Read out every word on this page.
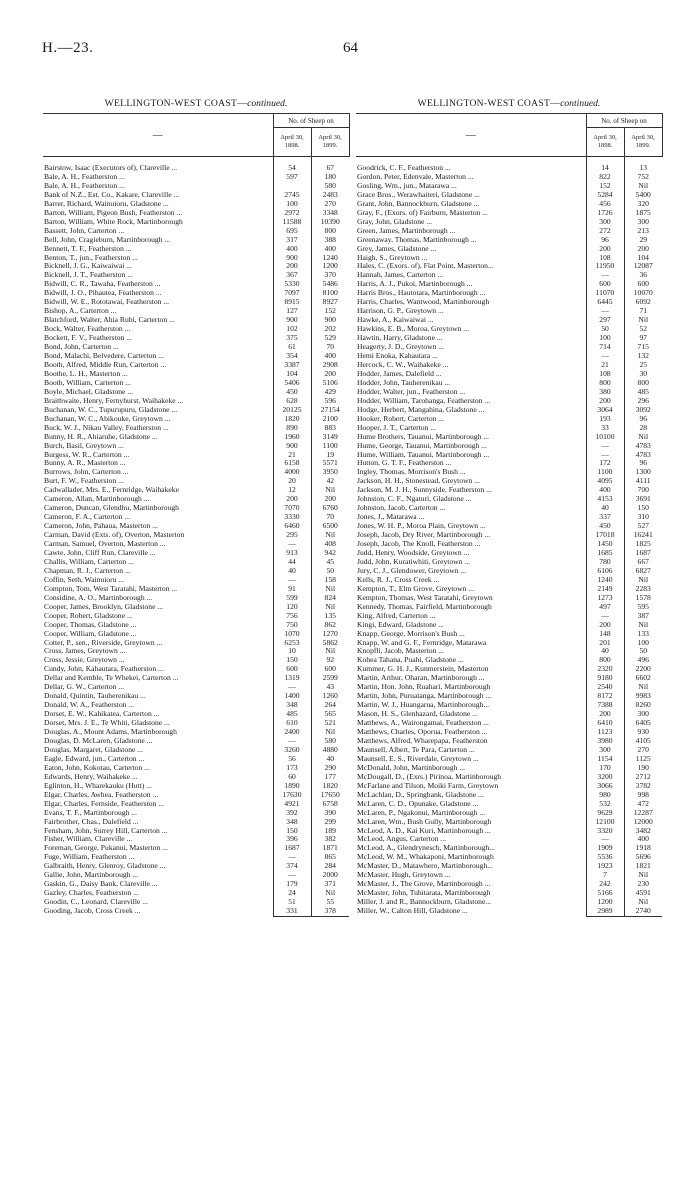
H.—23.	64
WELLINGTON-WEST COAST—continued.
—	No. of Sheep on	
	April 30, 1898.	April 30, 1899.
Bairstow, Isaac (Executors of), Clareville ...	54	67
Bale, A. H., Featherston ...	597	180
Bale, A. H., Featherston ...		580
Bank of N.Z., Est. Co., Kakare, Clareville ...	2745	2483
Barrer, Richard, Wainuioru, Gladstone ...	100	270
Barton, William, Pigeon Bush, Featherston ...	2972	3348
Barton, William, White Rock, Martinborough	11588	10390
Bassett, John, Carterton ...	695	800
Bell, John, Cragieburn, Martinborough ...	317	388
Bennett, T. F., Featherston ...	400	400
Benton, T., jun., Featherston ...	900	1240
Bicknell, J. G., Kaiwaiwai ...	200	1200
Bicknell, J. T., Featherston ...	367	370
Bidwill, C. R., Tawaha, Featherston ...	5330	5486
Bidwill, J. O., Pihautea, Featherston ...	7097	8100
Bidwill, W. E., Rototawai, Featherston ...	8915	8927
Bishop, A., Carterton ...	127	152
Blatchford, Walter, Ahia Rubi, Carterton ...	900	900
Bock, Walter, Featherston ...	102	202
Bockett, F. V., Featherston ...	375	529
Bond, John, Carterton ...	61	70
Bond, Malachi, Belvedere, Carterton ...	354	400
Booth, Alfred, Middle Run, Carterton ...	3387	2908
Boothe, L. H., Masterton ...	104	200
Booth, William, Carterton ...	5406	5106
Boyle, Michael, Gladstone ...	450	429
Braithwaite, Henry, Fernyhurst, Waihakeke ...	628	596
Buchanan, W. C., Tupurupuru, Gladstone ...	20125	27154
Buchanan, W. C., Abikouke, Greytown ...	1820	2100
Buck, W. J., Nikau Valley, Featherston ...	890	883
Bunny, H. R., Ahiaruhe, Gladstone ...	1960	3149
Burch, Basil, Greytown ...	900	1100
Burgess, W. R., Carterton ...	21	19
Bunny, A. R., Masterton ...	6158	5571
Burrows, John, Carterton ...	4000	3950
Burt, F. W., Featherston ...	20	42
Cadwallader, Mrs. E., Fernridge, Waihakeke	12	Nil
Cameron, Allan, Martinborough ...	200	200
Cameron, Duncan, Glendhu, Martinborough	7070	6760
Cameron, F. A., Carterton ...	3330	70
Cameron, John, Pahaua, Masterton ...	6460	6500
Carman, David (Exts. of), Overton, Masterton	295	Nil
Carman, Samuel, Overton, Masterton ...	—	408
Cawte, John, Cliff Run, Clareville ...	913	942
Challis, William, Carterton ...	44	45
Chapman, R. J., Carterton ...	40	50
Coffin, Seth, Wainuioru ...	—	158
Compton, Tom, West Taratahi, Masterton ...	91	Nil
Considine, A. O., Martinborough ...	599	824
Cooper, James, Brooklyn, Gladstone ...	120	Nil
Cooper, Robert, Gladstone ...	756	135
Cooper, Thomas, Gladstone ...	750	862
Cooper, William, Gladstone ...	1070	1270
Cotter, P., sen., Riverside, Greytown ...	6253	5862
Cross, James, Greytown ...	10	Nil
Cross, Jessie, Greytown ...	150	92
Cundy, John, Kahautara, Featherston ...	600	600
Dellar and Kemble, Te Whekei, Carterton ...	1319	2599
Dellar, G. W., Carterton ...	—	43
Donald, Quintin, Tauherenikau ...	1400	1260
Donald, W. A., Featherston ...	348	264
Dorset, E. W., Kahikatea, Carterton ...	485	565
Dorset, Mrs. J. E., Te Whiti, Gladstone ...	610	521
Douglas, A., Mount Adams, Martinborough	2400	Nil
Douglas, D. McLaren, Gladstone ...	—	580
Douglas, Margaret, Gladstone ...	3260	4880
Eagle, Edward, jun., Carterton ...	56	40
Eaton, John, Kokotau, Carterton ...	173	290
Edwards, Henry, Waihakeke ...	60	177
Eglinton, H., Wharekauku (Hutt) ...	1890	1820
Elgar, Charles, Awhea, Featherston ...	17630	17650
Elgar, Charles, Fernside, Featherston ...	4921	6758
Evans, T. F., Martinborough ...	392	390
Fairbrother, Chas., Dalefield ...	348	299
Fensham, John, Surrey Hill, Carterton ...	150	189
Fisher, William, Clareville ...	396	382
Foreman, George, Pukanui, Masterton ...	1687	1871
Fuge, William, Featherston ...	—	865
Galbraith, Henry, Glenroy, Gladstone ...	374	284
Gallie, John, Martinborough ...	—	2000
Gaskin, G., Daisy Bank, Clareville ...	179	371
Gazley, Charles, Featherston ...	24	Nil
Goodin, C., Leonard, Clareville ...	51	55
Gooding, Jacob, Cross Creek ...	331	378
WELLINGTON-WEST COAST—continued.
—	No. of Sheep on	
	April 30, 1898.	April 30, 1899.
Goodrick, C. F., Featherston ...	14	13
Gordon, Peter, Edenvale, Masterton ...	822	752
Gosling, Wm., jun., Matarawa ...	152	Nil
Grace Bros., Werawhaiteri, Gladstone ...	5284	5400
Grant, John, Bannockburn, Gladstone ...	456	320
Gray, F., (Exors. of) Fairburn, Masterton ...	1726	1875
Gray, John, Gladstone ...	300	300
Green, James, Martinborough ...	272	213
Greenaway, Thomas, Martinborough ...	96	29
Grey, James, Gladstone ...	200	200
Haigh, S., Greytown ...	108	104
Hales, C. (Exors. of), Flat Point, Masterton...	11950	12087
Hannah, James, Carterton ...	—	36
Harris, A. J., Pukoi, Martinborough ...	600	600
Harris Bros., Hautotara, Martinborough ...	11070	10070
Harris, Charles, Wantwood, Martinborough	6445	6092
Harrison, G. P., Greytown ...	—	71
Hawke, A., Kaiwaiwai ...	297	Nil
Hawkins, E. B., Moroa, Greytown ...	50	52
Hawtin, Harry, Gladstone ...	100	97
Heagerty, J. D., Greytown ...	714	715
Hemi Enoka, Kahautara ...	—	132
Hercock, C. W., Waihakeke ...	21	25
Hodder, James, Dalefield ...	108	30
Hodder, John, Tauherenikau ...	800	800
Hodder, Walter, jun., Featherston ...	380	485
Hodder, William, Tarohanga, Featherston ...	200	296
Hodge, Herbert, Mangahina, Gladstone ...	3064	3092
Hooker, Robert, Carterton ...	193	96
Hooper, J. T., Carterton ...	33	28
Hume Brothers, Tauanui, Martinborough ...	10100	Nil
Hume, George, Tauanui, Martinborough ...	—	4783
Hume, William, Tauanui, Martinborough ...	—	4783
Hutton, G. T. F., Featherston ...	172	96
Ingley, Thomas, Morrison's Bush ...	1100	1300
Jackson, H. H., Stonestead, Greytown ...	4095	4111
Jackson, M. J. H., Sunnyside, Featherston ...	400	700
Johnston, C. F., Ngaturi, Gladstone ...	4153	3691
Johnston, Jacob, Carterton ...	40	150
Jones, J., Matarawa ...	337	310
Jones, W. H. P., Moroa Plain, Greytown ...	450	527
Joseph, Jacob, Dry River, Martinborough ...	17018	16241
Joseph, Jacob, The Knoll, Featherston ...	1450	1825
Judd, Henry, Woodside, Greytown ...	1685	1687
Judd, John, Kuratiwhiti, Greytown ...	780	667
Jury, C. J., Glendower, Greytown ...	6106	6827
Kells, R. J., Cross Creek ...	1240	Nil
Kempton, T., Elm Grove, Greytown ...	2149	2283
Kempton, Thomas, West Taratahi, Greytown	1273	1578
Kennedy, Thomas, Fairfield, Martinborough	497	595
King, Alfred, Carterton ...	—	387
Kingi, Edward, Gladstone ...	200	Nil
Knapp, George, Morrison's Bush ...	148	133
Knapp, W. and G. F., Fernridge, Matarawa	201	100
Knopfli, Jacob, Masterton ...	40	50
Kohea Tahana, Puahi, Gladstone ...	800	496
Kummer, G. H. J., Kunmerstein, Masterton	2320	2200
Martin, Arthur, Oharan, Martinborough ...	9180	6602
Martin, Hon. John, Ruahari, Martinborough	2540	Nil
Martin, John, Puruatanga, Martinborough ...	8172	9983
Martin, W. J., Huangarua, Martinborough...	7388	8260
Mason, H. S., Glenhazard, Gladstone ...	200	300
Matthews, A., Wairongamai, Featherston ...	6410	6405
Matthews, Charles, Oporua, Featherston ...	1123	930
Matthews, Alfred, Wharepapa, Featherston	3980	4105
Maunsell, Albert, Te Para, Carterton ...	300	270
Maunsell, E. S., Riverdale, Greytown ...	1154	1125
McDonald, John, Martinborough ...	170	190
McDougall, D., (Exrs.) Pirinoa, Martinborough	3200	2712
McFarlane and Tilson, Moiki Farm, Greytown	3066	3782
McLachlan, D., Springbank, Gladstone ...	980	998
McLaren, C. D., Opunake, Gladstone ...	532	472
McLaren, P., Ngakonui, Martinborough ...	9629	12287
McLaren, Wm., Bush Gully, Martinborough	12100	12000
McLeod, A. D., Kai Kuri, Martinborough ...	3320	3482
McLeod, Angus, Carterton ...	—	400
McLeod, A., Glendrynesch, Martinborough...	1909	1918
McLeod, W. M., Whakaponi, Martinborough	5536	5696
McMaster, D., Matawhero, Martinborough...	1923	1821
McMaster, Hugh, Greytown ...	7	Nil
McMaster, J., The Grove, Martinborough ...	242	230
McMaster, John, Tuhitarata, Martinborough	5166	4591
Miller, J. and R., Bannockburn, Gladstone...	1200	Nil
Miller, W., Calton Hill, Gladstone ...	2989	2740
